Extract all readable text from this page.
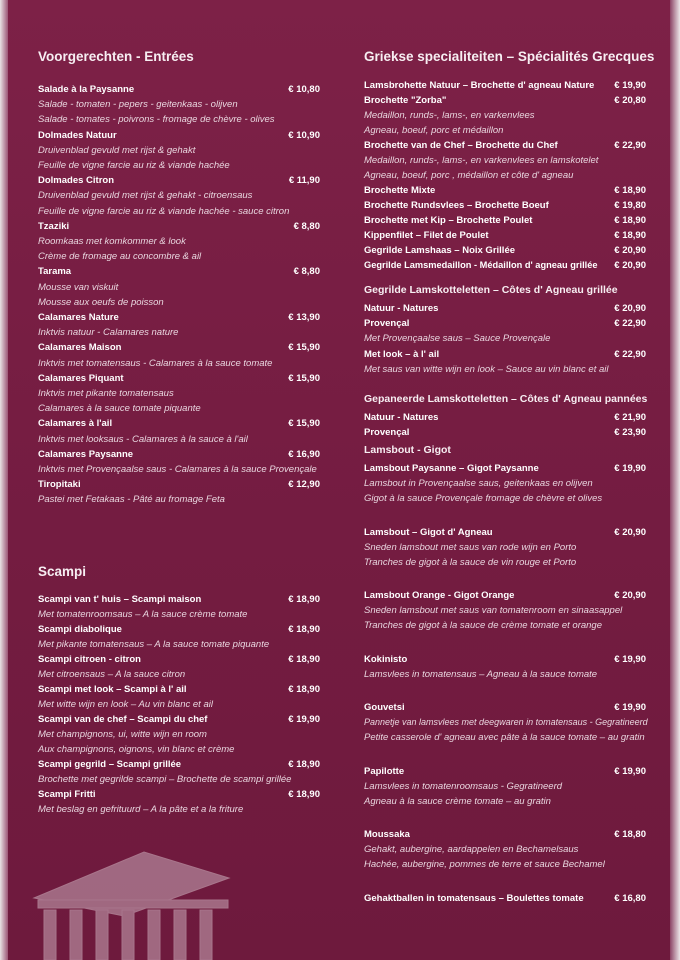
Voorgerechten - Entrées
Salade à la Paysanne	€ 10,80
Salade - tomaten - pepers - geitenkaas - olijven
Salade - tomates - poivrons - fromage de chèvre - olives
Dolmades Natuur	€ 10,90
Druivenblad gevuld met rijst & gehakt
Feuille de vigne farcie au riz & viande hachée
Dolmades Citron	€ 11,90
Druivenblad gevuld met rijst & gehakt - citroensaus
Feuille de vigne farcie au riz & viande hachée - sauce citron
Tzaziki	€ 8,80
Roomkaas met komkommer & look
Crème de fromage au concombre & ail
Tarama	€ 8,80
Mousse van viskuit
Mousse aux oeufs de poisson
Calamares Nature	€ 13,90
Inktvis natuur - Calamares nature
Calamares Maison	€ 15,90
Inktvis met tomatensaus - Calamares à la sauce tomate
Calamares Piquant	€ 15,90
Inktvis met pikante tomatensaus
Calamares à la sauce tomate piquante
Calamares à l'ail	€ 15,90
Inktvis met looksaus - Calamares à la sauce à l'ail
Calamares Paysanne	€ 16,90
Inktvis met Provençaalse saus - Calamares à la sauce Provençale
Tiropitaki	€ 12,90
Pastei met Fetakaas - Pâté au fromage Feta
Scampi
Scampi van t' huis – Scampi maison	€ 18,90
Met tomatenroomsaus – A la sauce crème tomate
Scampi diabolique	€ 18,90
Met pikante tomatensaus – A la sauce tomate piquante
Scampi citroen - citron	€ 18,90
Met citroensaus – A la sauce citron
Scampi met look – Scampi à l' ail	€ 18,90
Met witte wijn en look – Au vin blanc et ail
Scampi van de chef – Scampi du chef	€ 19,90
Met champignons, ui, witte wijn en room
Aux champignons, oignons, vin blanc et crème
Scampi gegrild – Scampi grillée	€ 18,90
Brochette met gegrilde scampi – Brochette de scampi grillée
Scampi Fritti	€ 18,90
Met beslag en gefrituurd – A la pâte et a la friture
Griekse specialiteiten – Spécialités Grecques
Lamsbrohette Natuur – Brochette d' agneau Nature € 19,90
Brochette "Zorba"	€ 20,80
Medaillon, runds-, lams-, en varkenvlees
Agneau, boeuf, porc et médaillon
Brochette van de Chef – Brochette du Chef	€ 22,90
Medaillon, runds-, lams-, en varkenvlees en lamskotelet
Agneau, boeuf, porc , médaillon et côte d' agneau
Brochette Mixte	€ 18,90
Brochette Rundsvlees – Brochette Boeuf	€ 19,80
Brochette met Kip – Brochette Poulet	€ 18,90
Kippenfilet – Filet de Poulet	€ 18,90
Gegrilde Lamshaas – Noix Grillée	€ 20,90
Gegrilde Lamsmedaillon - Médaillon d' agneau grillée € 20,90
Gegrilde Lamskotteletten – Côtes d' Agneau grillée
Natuur - Natures	€ 20,90
Provençal	€ 22,90
Met Provençaalse saus – Sauce Provençale
Met look – à l' ail	€ 22,90
Met saus van witte wijn en look – Sauce au vin blanc et ail
Gepaneerde Lamskotteletten – Côtes d' Agneau pannées
Natuur - Natures	€ 21,90
Provençal	€ 23,90
Lamsbout - Gigot
Lamsbout Paysanne – Gigot Paysanne	€ 19,90
Lamsbout in Provençaalse saus, geitenkaas en olijven
Gigot à la sauce Provençale fromage de chèvre et olives
Lamsbout – Gigot d' Agneau	€ 20,90
Sneden lamsbout met saus van rode wijn en Porto
Tranches de gigot à la sauce de vin rouge et Porto
Lamsbout Orange - Gigot Orange	€ 20,90
Sneden lamsbout met saus van tomatenroom en sinaasappel
Tranches de gigot à la sauce de crème tomate et orange
Kokinisto	€ 19,90
Lamsvlees in tomatensaus – Agneau à la sauce tomate
Gouvetsi	€ 19,90
Pannetje van lamsvlees met deegwaren in tomatensaus - Gegratineerd
Petite casserole d' agneau avec pâte à la sauce tomate – au gratin
Papilotte	€ 19,90
Lamsvlees in tomatenroomsaus - Gegratineerd
Agneau à la sauce crème tomate – au gratin
Moussaka	€ 18,80
Gehakt, aubergine, aardappelen en Bechamelsaus
Hachée, aubergine, pommes de terre et sauce Bechamel
Gehaktballen in tomatensaus – Boulettes tomate	€ 16,80
